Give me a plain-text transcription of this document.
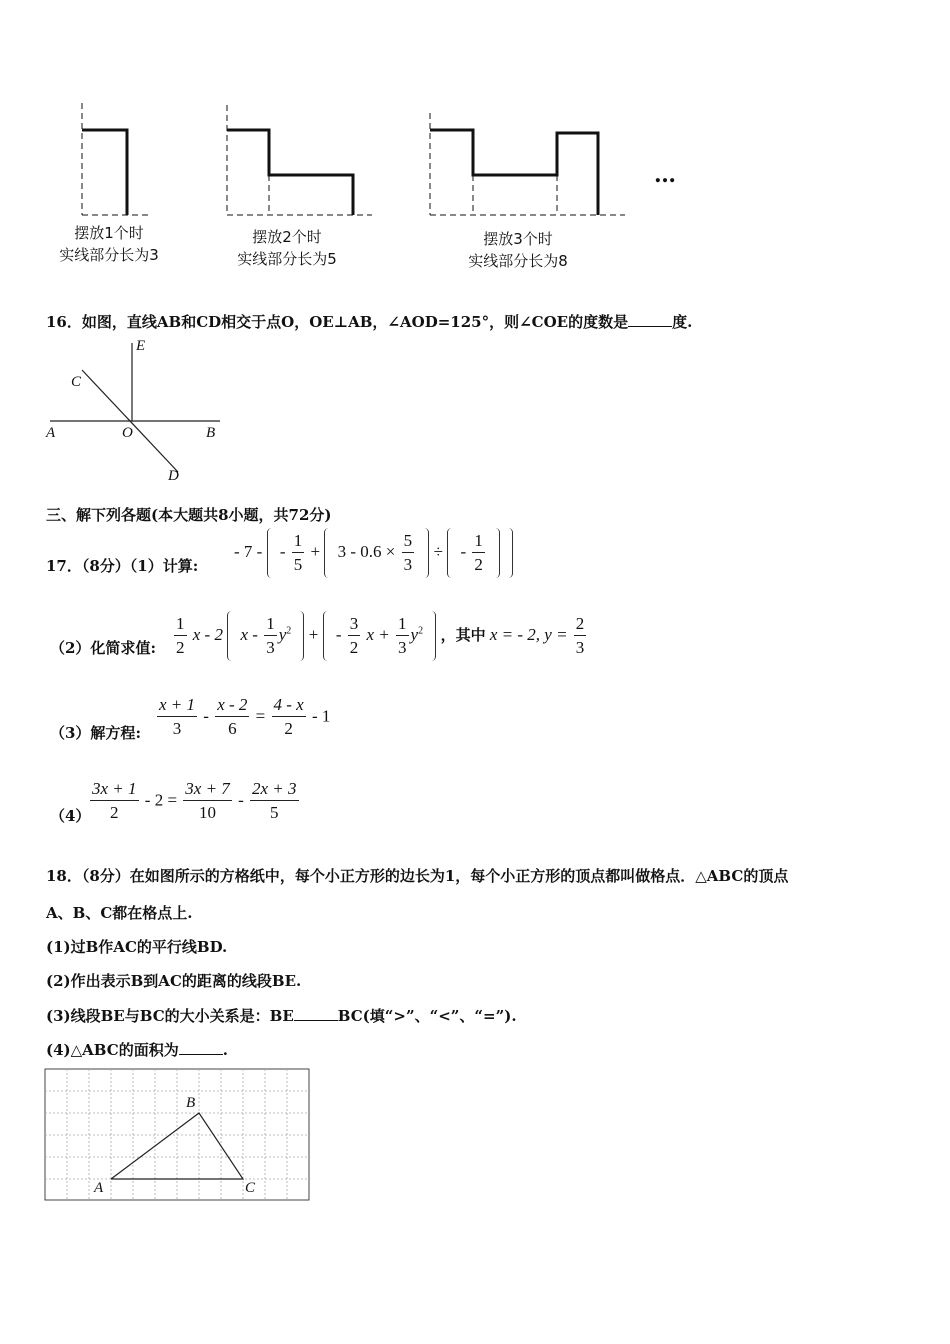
…
摆放1个时
实线部分长为3
摆放2个时
实线部分长为5
摆放3个时
实线部分长为8
16．如图，直线AB和CD相交于点O，OE⊥AB，∠AOD=125°，则∠COE的度数是	度.
E
C
A	O	B
D
三、解下列各题(本大题共8小题，共72分)
17．（8分）（1）计算:
- 7 - - $\frac{1}{5} + 3 - 0.6 \times \frac{5}{3}$ ÷ - $\frac{1}{2}$

（2）化简求值: $\frac{1}{2}$ x - 2 x - $\frac{1}{3} y^2$ + - $\frac{3}{2}$ $x + \frac{1}{3} y^2$ ，其中 x = - 2, $y = \frac{2}{3}$
（3）解方程: $\frac{x + 1}{3} - \frac{x - 2}{6} = \frac{4 - x}{2} - 1$
$(4) \frac{3x + 1}{2} - 2 = \frac{3x + 7}{10} - \frac{2x + 3}{5}$
18．（8分）在如图所示的方格纸中，每个小正方形的边长为1，每个小正方形的顶点都叫做格点．△ABC的顶点
A、B、C都在格点上.
(1)过B作AC的平行线BD.
(2)作出表示B到AC的距离的线段BE.
(3)线段BE与BC的大小关系是：BE	BC(填“>”、“<”、“=”).
(4)△ABC的面积为	.
B
A	C
